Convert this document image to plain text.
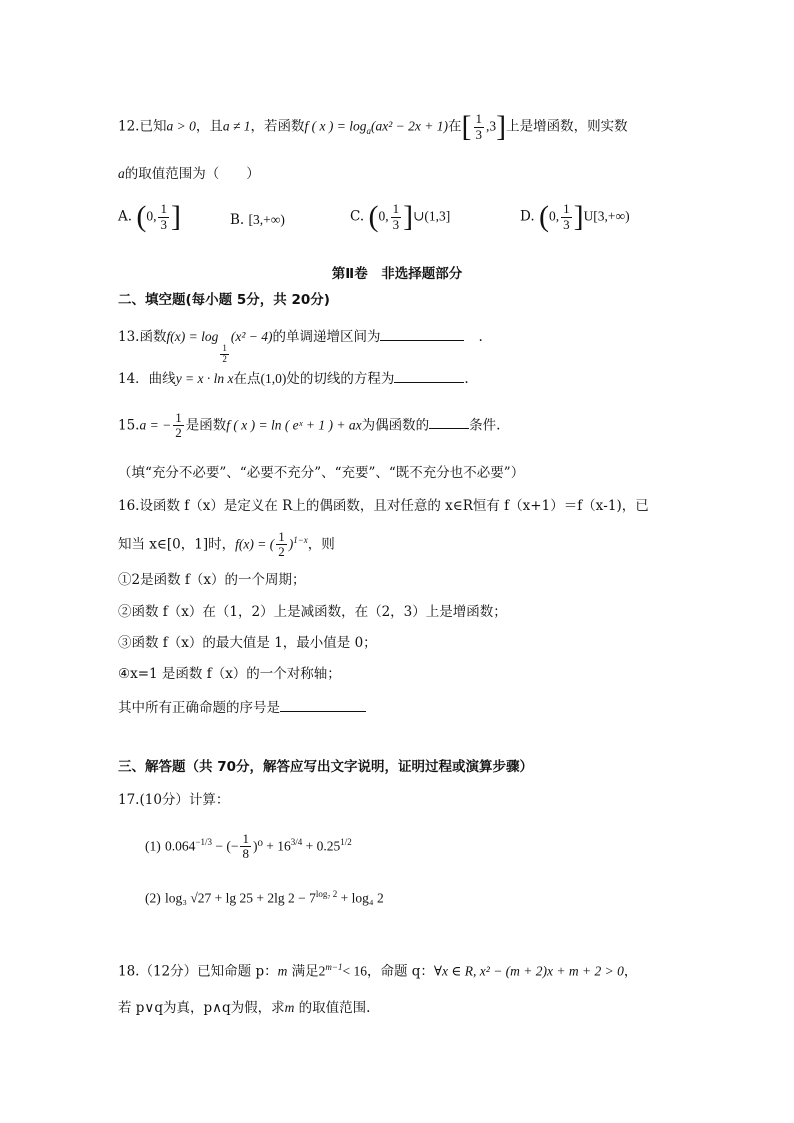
12.已知a > 0，且a ≠ 1，若函数f ( x ) = $\log_a(ax^2 - 2x + 1)$在[ $\frac{1}{3} ,3$]上是增函数，则实数
a的取值范围为（　　）
A. (0, $\frac{1}{3}$ ]	B. [3,+∞)	C. (0, $\frac{1}{3}$ ]∪(1,3]	D. (0, $\frac{1}{3} ]U[3,+\infty)$
第Ⅱ卷　非选择题部分
二、填空题(每小题 5分，共 20分)
13.函数f(x) = log
$\frac{1}{2}$
(x² − 4)的单调递增区间为	.
14．曲线y = x · ln x在点(1,0)处的切线的方程为	.
15.a = − $\frac{1}{2}$ 是函数f ( x ) = ln ( eˣ + 1 ) + ax为偶函数的	条件.
（填“充分不必要”、“必要不充分”、“充要”、“既不充分也不必要”）
16.设函数 f（x）是定义在 R上的偶函数，且对任意的 x∈R恒有 f（x+1）＝f（x‐1)，已
知当 x∈[0，1]时，f(x) = ( $\frac{1}{2} )^{1-x}$，则
①2是函数 f（x）的一个周期；
②函数 f（x）在（1，2）上是减函数，在（2，3）上是增函数；
③函数 f（x）的最大值是 1，最小值是 0；
④x=1 是函数 f（x）的一个对称轴；
其中所有正确命题的序号是
三、解答题（共 70分，解答应写出文字说明，证明过程或演算步骤）
17.(10分）计算：
(1) $0.064^{-1/3}$ − (− $\frac{1}{8} )^0 + 16^{3/4} + 0.25^{1/2}$
(2) log₃ √27 + lg 25 + 2lg $2 - 7^{log_7 2} + \log_4$ 2
18.（12分）已知命题 p：m 满足$2^{m-1}< 16$，命题 q：∀x ∈ R, x² − (m + 2)x + m + 2 > 0，
若 p∨q为真，p∧q为假，求m 的取值范围.
